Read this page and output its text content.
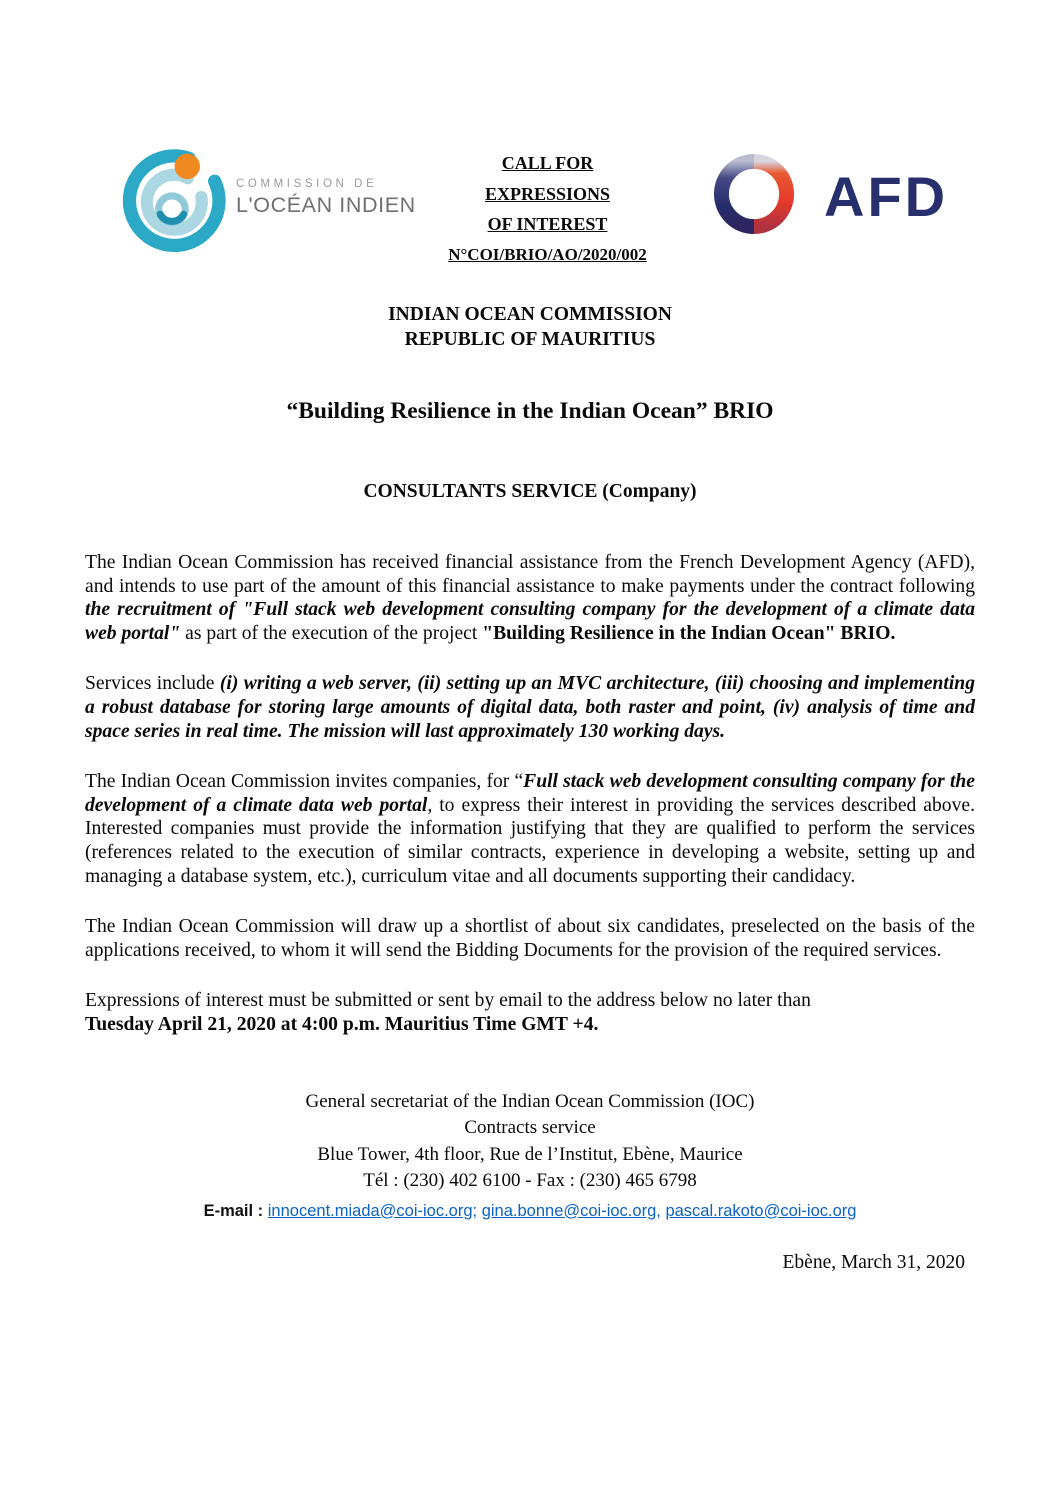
COMMISSION DE
L'OCÉAN INDIEN
CALL FOR
EXPRESSIONS
OF INTEREST
N°COI/BRIO/AO/2020/002
AFD
INDIAN OCEAN COMMISSION
REPUBLIC OF MAURITIUS
“Building Resilience in the Indian Ocean” BRIO
CONSULTANTS SERVICE (Company)

The Indian Ocean Commission has received financial assistance from the French Development Agency (AFD), and intends to use part of the amount of this financial assistance to make payments under the contract following the recruitment of "Full stack web development consulting company for the development of a climate data web portal" as part of the execution of the project "Building Resilience in the Indian Ocean" BRIO.

Services include (i) writing a web server, (ii) setting up an MVC architecture, (iii) choosing and implementing a robust database for storing large amounts of digital data, both raster and point, (iv) analysis of time and space series in real time. The mission will last approximately 130 working days.

The Indian Ocean Commission invites companies, for “Full stack web development consulting company for the development of a climate data web portal, to express their interest in providing the services described above. Interested companies must provide the information justifying that they are qualified to perform the services (references related to the execution of similar contracts, experience in developing a website, setting up and managing a database system, etc.), curriculum vitae and all documents supporting their candidacy.

The Indian Ocean Commission will draw up a shortlist of about six candidates, preselected on the basis of the applications received, to whom it will send the Bidding Documents for the provision of the required services.

Expressions of interest must be submitted or sent by email to the address below no later than
Tuesday April 21, 2020 at 4:00 p.m. Mauritius Time GMT +4.

General secretariat of the Indian Ocean Commission (IOC)
Contracts service
Blue Tower, 4th floor, Rue de l’Institut, Ebène, Maurice
Tél : (230) 402 6100 - Fax : (230) 465 6798
E-mail : innocent.miada@coi-ioc.org; gina.bonne@coi-ioc.org, pascal.rakoto@coi-ioc.org
Ebène, March 31, 2020
